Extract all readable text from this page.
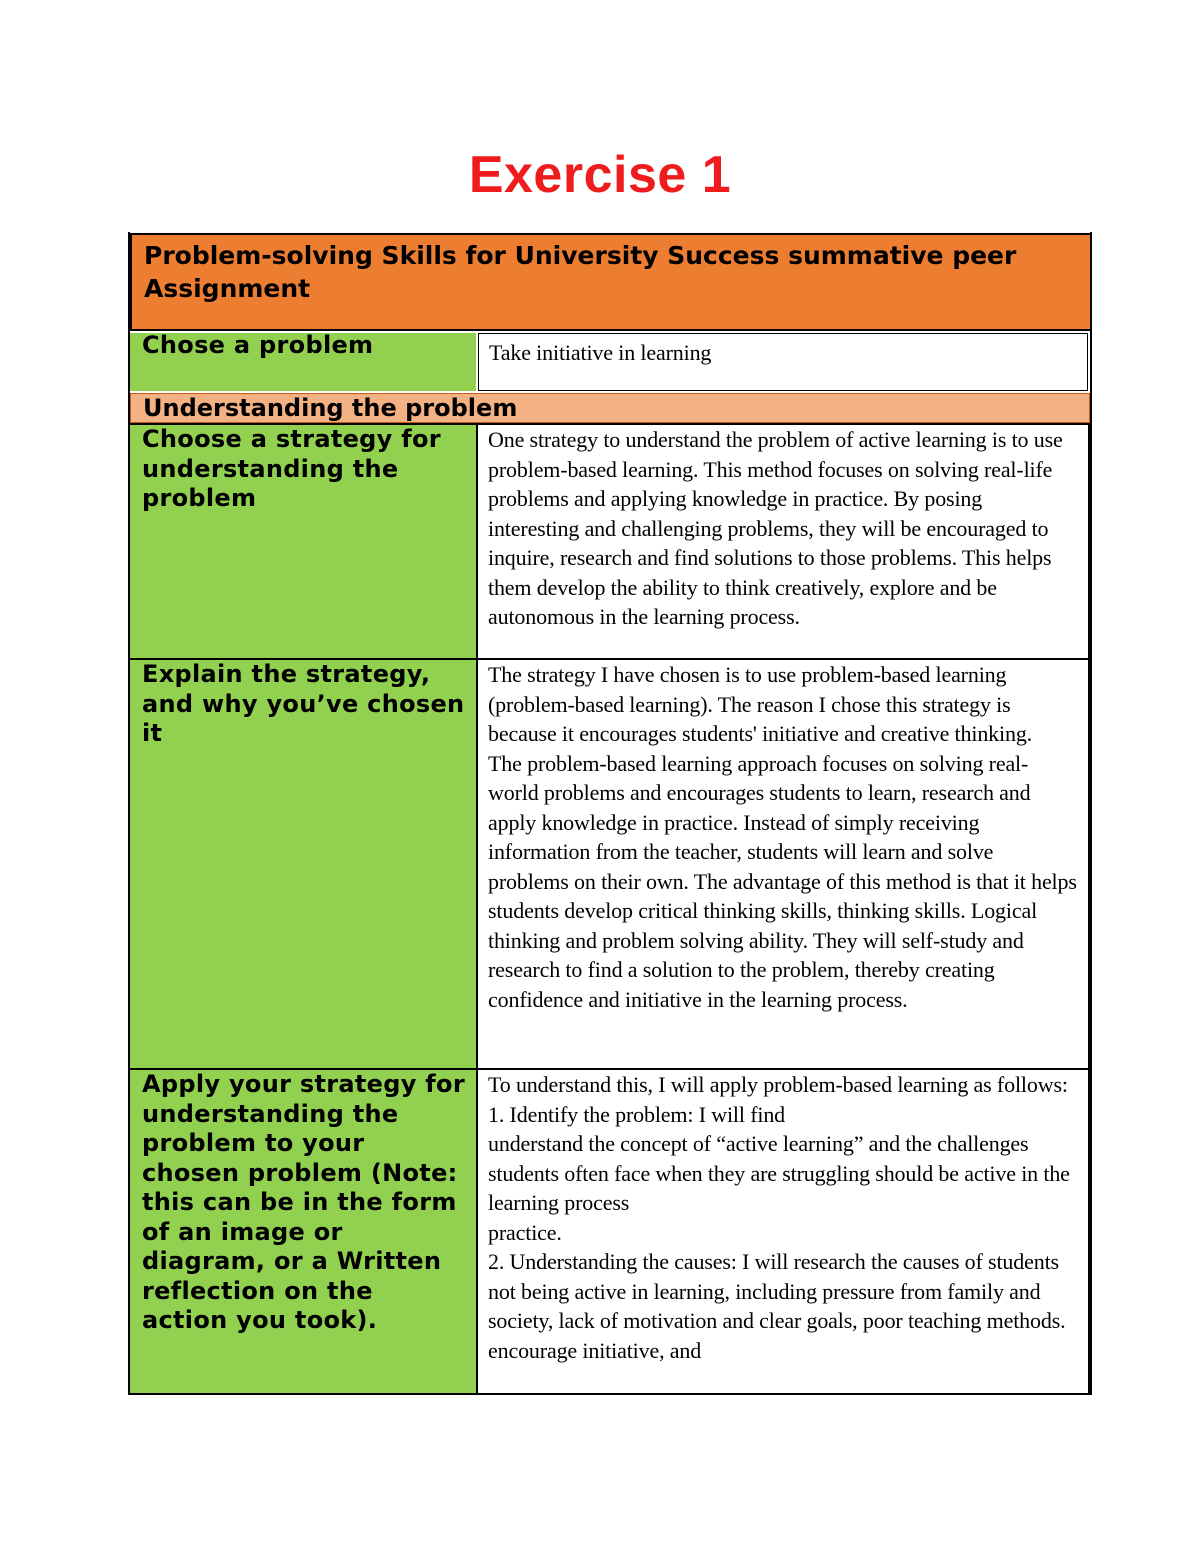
Exercise 1
Problem-solving Skills for University Success summative peer Assignment
Chose a problem	Take initiative in learning
Understanding the problem
Choose a strategy for understanding the problem
One strategy to understand the problem of active learning is to use problem-based learning. This method focuses on solving real-life problems and applying knowledge in practice. By posing interesting and challenging problems, they will be encouraged to inquire, research and find solutions to those problems. This helps them develop the ability to think creatively, explore and be autonomous in the learning process.
Explain the strategy, and why you’ve chosen it
The strategy I have chosen is to use problem-based learning (problem-based learning). The reason I chose this strategy is because it encourages students' initiative and creative thinking.
The problem-based learning approach focuses on solving real-world problems and encourages students to learn, research and apply knowledge in practice. Instead of simply receiving information from the teacher, students will learn and solve problems on their own. The advantage of this method is that it helps students develop critical thinking skills, thinking skills. Logical thinking and problem solving ability. They will self-study and research to find a solution to the problem, thereby creating confidence and initiative in the learning process.
Apply your strategy for understanding the problem to your chosen problem (Note: this can be in the form of an image or diagram, or a Written reflection on the action you took).
To understand this, I will apply problem-based learning as follows:
1. Identify the problem: I will find
understand the concept of “active learning” and the challenges students often face when they are struggling should be active in the learning process
practice.
2. Understanding the causes: I will research the causes of students not being active in learning, including pressure from family and society, lack of motivation and clear goals, poor teaching methods. encourage initiative, and
